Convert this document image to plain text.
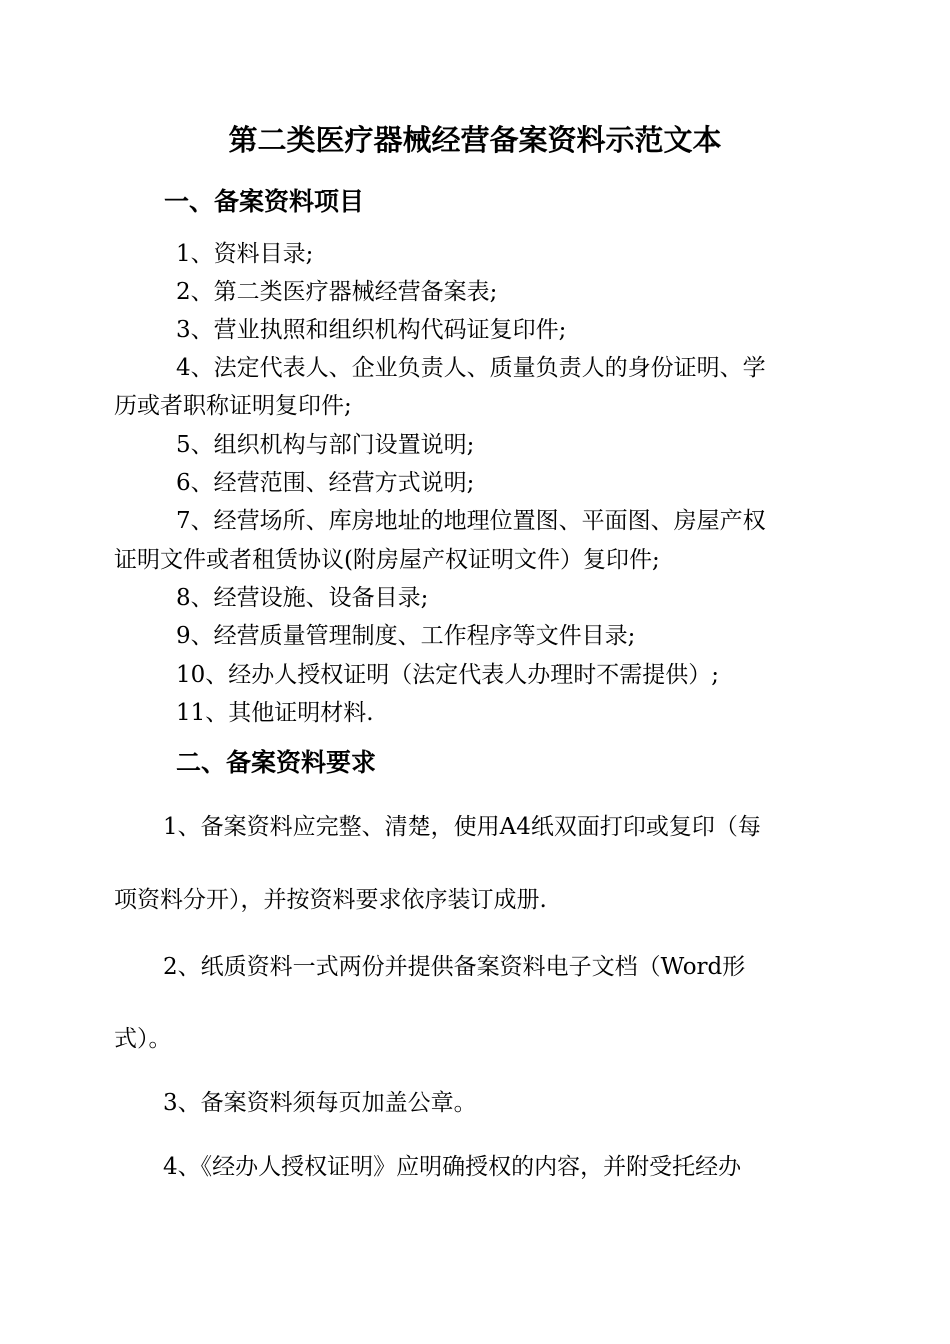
第二类医疗器械经营备案资料示范文本
一、备案资料项目
1、资料目录;
2、第二类医疗器械经营备案表;
3、营业执照和组织机构代码证复印件;
4、法定代表人、企业负责人、质量负责人的身份证明、学
历或者职称证明复印件;
5、组织机构与部门设置说明;
6、经营范围、经营方式说明;
7、经营场所、库房地址的地理位置图、平面图、房屋产权
证明文件或者租赁协议(附房屋产权证明文件）复印件;
8、经营设施、设备目录;
9、经营质量管理制度、工作程序等文件目录;
10、经办人授权证明（法定代表人办理时不需提供）;
11、其他证明材料.
二、备案资料要求
1、备案资料应完整、清楚，使用A4纸双面打印或复印（每
项资料分开），并按资料要求依序装订成册.
2、纸质资料一式两份并提供备案资料电子文档（Word形
式）。
3、备案资料须每页加盖公章。
4、《经办人授权证明》应明确授权的内容，并附受托经办
